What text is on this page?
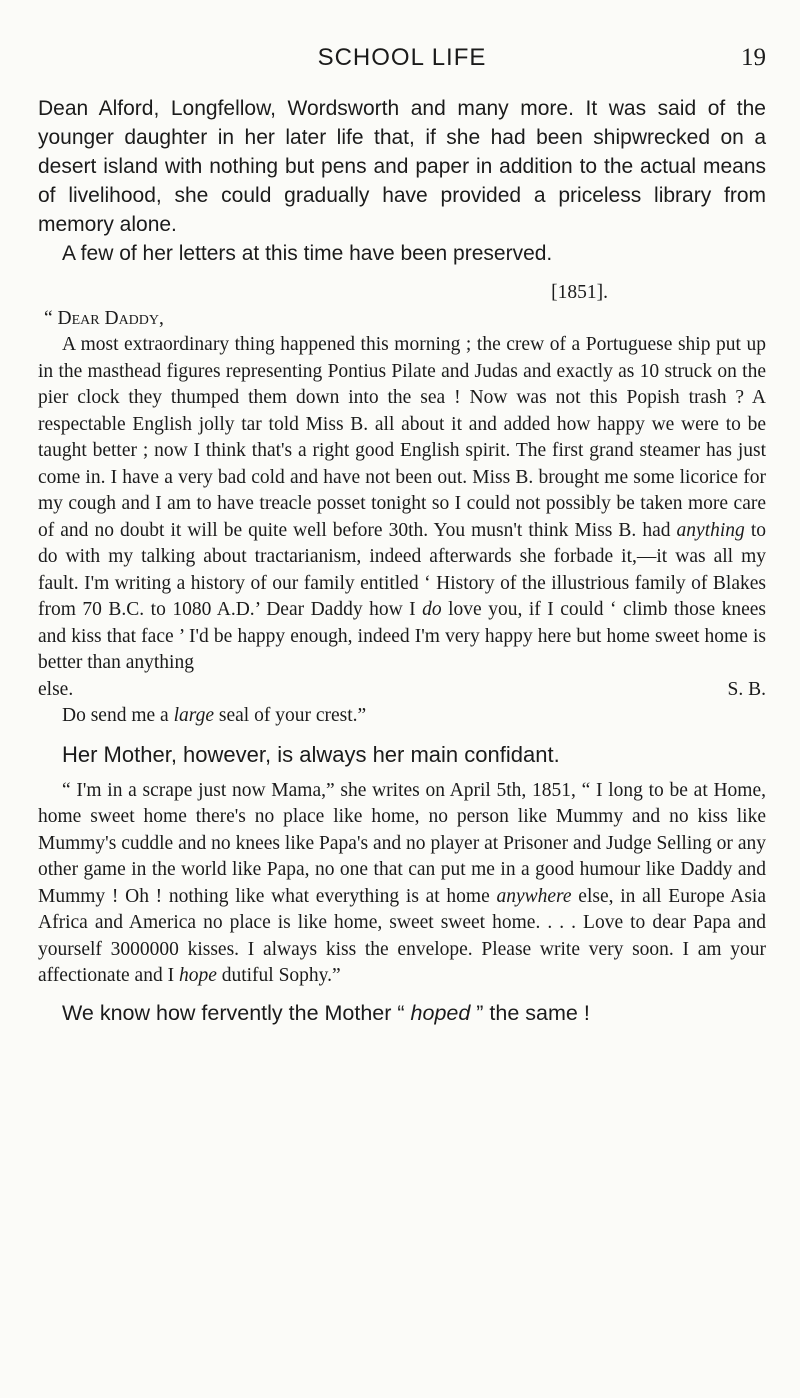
SCHOOL LIFE	19

Dean Alford, Longfellow, Wordsworth and many more. It was said of the younger daughter in her later life that, if she had been shipwrecked on a desert island with nothing but pens and paper in addition to the actual means of livelihood, she could gradually have provided a priceless library from memory alone.

A few of her letters at this time have been preserved.

[1851].

“ Dear Daddy,

A most extraordinary thing happened this morning ; the crew of a Portuguese ship put up in the masthead figures representing Pontius Pilate and Judas and exactly as 10 struck on the pier clock they thumped them down into the sea ! Now was not this Popish trash ? A respectable English jolly tar told Miss B. all about it and added how happy we were to be taught better ; now I think that's a right good English spirit. The first grand steamer has just come in. I have a very bad cold and have not been out. Miss B. brought me some licorice for my cough and I am to have treacle posset tonight so I could not possibly be taken more care of and no doubt it will be quite well before 30th. You musn't think Miss B. had anything to do with my talking about tractarianism, indeed afterwards she forbade it,—it was all my fault. I'm writing a history of our family entitled ‘ History of the illustrious family of Blakes from 70 B.C. to 1080 A.D.’ Dear Daddy how I do love you, if I could ‘ climb those knees and kiss that face ’ I'd be happy enough, indeed I'm very happy here but home sweet home is better than anything

else.	S. B.

Do send me a large seal of your crest.”

Her Mother, however, is always her main confidant.

“ I'm in a scrape just now Mama,” she writes on April 5th, 1851, “ I long to be at Home, home sweet home there's no place like home, no person like Mummy and no kiss like Mummy's cuddle and no knees like Papa's and no player at Prisoner and Judge Selling or any other game in the world like Papa, no one that can put me in a good humour like Daddy and Mummy ! Oh ! nothing like what everything is at home anywhere else, in all Europe Asia Africa and America no place is like home, sweet sweet home. . . . Love to dear Papa and yourself 3000000 kisses. I always kiss the envelope. Please write very soon. I am your affectionate and I hope dutiful Sophy.”

We know how fervently the Mother “ hoped ” the same !
